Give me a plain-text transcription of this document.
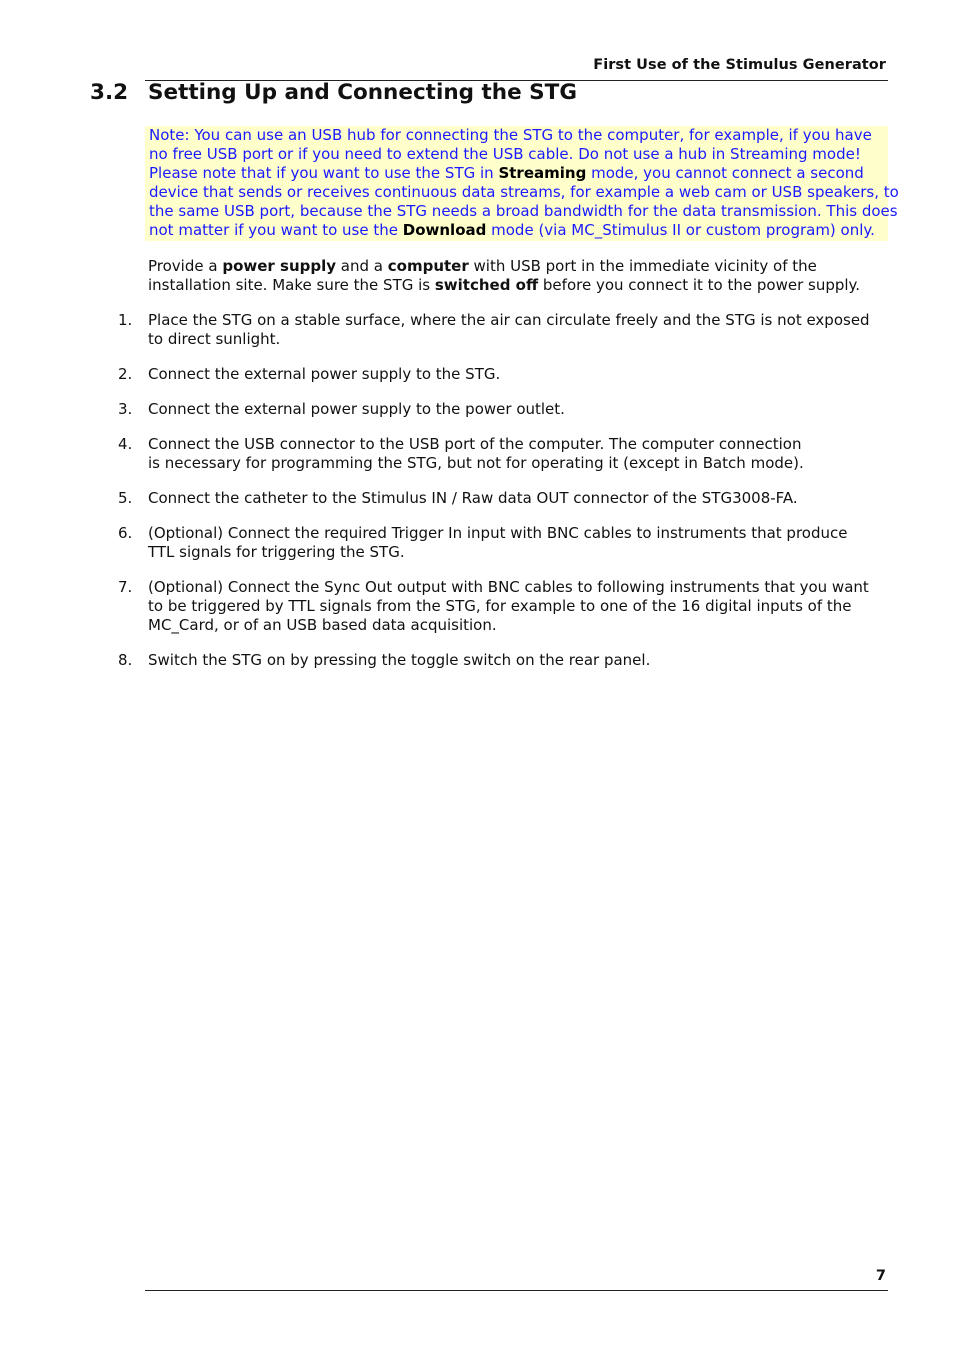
First Use of the Stimulus Generator
3.2 Setting Up and Connecting the STG
Note: You can use an USB hub for connecting the STG to the computer, for example, if you have
no free USB port or if you need to extend the USB cable. Do not use a hub in Streaming mode!
Please note that if you want to use the STG in Streaming mode, you cannot connect a second
device that sends or receives continuous data streams, for example a web cam or USB speakers, to
the same USB port, because the STG needs a broad bandwidth for the data transmission. This does
not matter if you want to use the Download mode (via MC_Stimulus II or custom program) only.
Provide a power supply and a computer with USB port in the immediate vicinity of the
installation site. Make sure the STG is switched off before you connect it to the power supply.
1. Place the STG on a stable surface, where the air can circulate freely and the STG is not exposed
to direct sunlight.
2. Connect the external power supply to the STG.
3. Connect the external power supply to the power outlet.
4. Connect the USB connector to the USB port of the computer. The computer connection
is necessary for programming the STG, but not for operating it (except in Batch mode).
5. Connect the catheter to the Stimulus IN / Raw data OUT connector of the STG3008-FA.
6. (Optional) Connect the required Trigger In input with BNC cables to instruments that produce
TTL signals for triggering the STG.
7. (Optional) Connect the Sync Out output with BNC cables to following instruments that you want
to be triggered by TTL signals from the STG, for example to one of the 16 digital inputs of the
MC_Card, or of an USB based data acquisition.
8. Switch the STG on by pressing the toggle switch on the rear panel.
7
